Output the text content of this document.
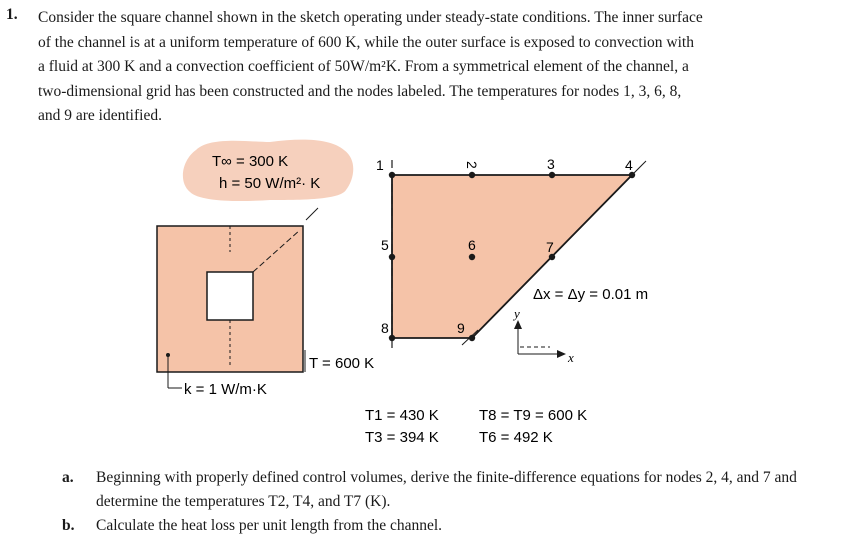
1. Consider the square channel shown in the sketch operating under steady-state conditions. The inner surface
of the channel is at a uniform temperature of 600 K, while the outer surface is exposed to convection with
a fluid at 300 K and a convection coefficient of 50W/m²K. From a symmetrical element of the channel, a
two-dimensional grid has been constructed and the nodes labeled. The temperatures for nodes 1, 3, 6, 8,
and 9 are identified.
1	2	3	4
5	6	7
8	9
T∞ = 300 K
h = 50 W/m²· K
T = 600 K
k = 1 W/m·K
Δx = Δy = 0.01 m
x
y
T1 = 430 K
T3 = 394 K
T8 = T9 = 600 K
T6 = 492 K
a. Beginning with properly defined control volumes, derive the finite-difference equations for nodes 2, 4, and 7 and determine the temperatures T2, T4, and T7 (K).
b. Calculate the heat loss per unit length from the channel.
